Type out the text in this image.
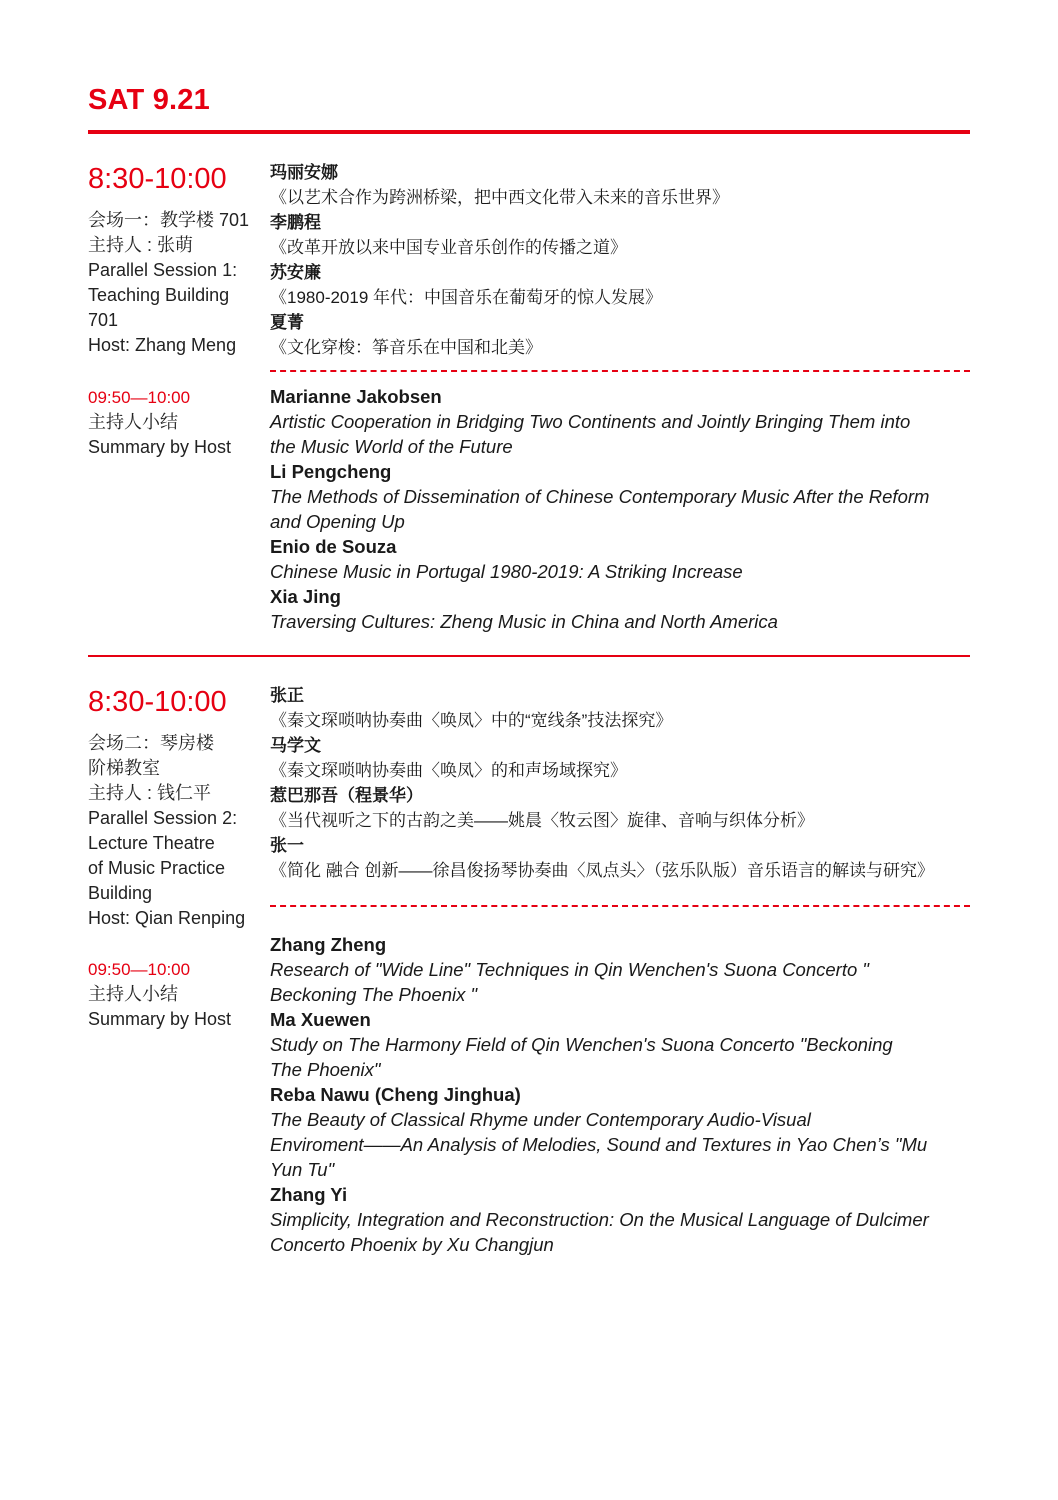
SAT 9.21
8:30-10:00
会场一：教学楼 701
主持人 : 张萌
Parallel Session 1:
Teaching Building
701
Host: Zhang Meng
玛丽安娜
《以艺术合作为跨洲桥梁，把中西文化带入未来的音乐世界》
李鹏程
《改革开放以来中国专业音乐创作的传播之道》
苏安廉
《1980-2019 年代：中国音乐在葡萄牙的惊人发展》
夏菁
《文化穿梭：筝音乐在中国和北美》
09:50—10:00
主持人小结
Summary by Host
Marianne Jakobsen
Artistic Cooperation in Bridging Two Continents and Jointly Bringing Them into
the Music World of the Future
Li Pengcheng
The Methods of Dissemination of Chinese Contemporary Music After the Reform
and Opening Up
Enio de Souza
Chinese Music in Portugal 1980-2019: A Striking Increase
Xia Jing
Traversing Cultures: Zheng Music in China and North America
8:30-10:00
会场二：琴房楼
阶梯教室
主持人 : 钱仁平
Parallel Session 2:
Lecture Theatre
of Music Practice
Building
Host: Qian Renping
张正
《秦文琛唢呐协奏曲〈唤凤〉中的“宽线条”技法探究》
马学文
《秦文琛唢呐协奏曲〈唤凤〉的和声场域探究》
惹巴那吾（程景华）
《当代视听之下的古韵之美——姚晨〈牧云图〉旋律、音响与织体分析》
张一
《简化 融合 创新——徐昌俊扬琴协奏曲〈凤点头〉（弦乐队版）音乐语言的解读与研究》
09:50—10:00
主持人小结
Summary by Host
Zhang Zheng
Research of "Wide Line" Techniques in Qin Wenchen's Suona Concerto "
Beckoning The Phoenix "
Ma Xuewen
Study on The Harmony Field of Qin Wenchen's Suona Concerto "Beckoning
The Phoenix"
Reba Nawu (Cheng Jinghua)
The Beauty of Classical Rhyme under Contemporary Audio-Visual
Enviroment——An Analysis of Melodies, Sound and Textures in Yao Chen’s "Mu
Yun Tu"
Zhang Yi
Simplicity, Integration and Reconstruction: On the Musical Language of Dulcimer
Concerto Phoenix by Xu Changjun
